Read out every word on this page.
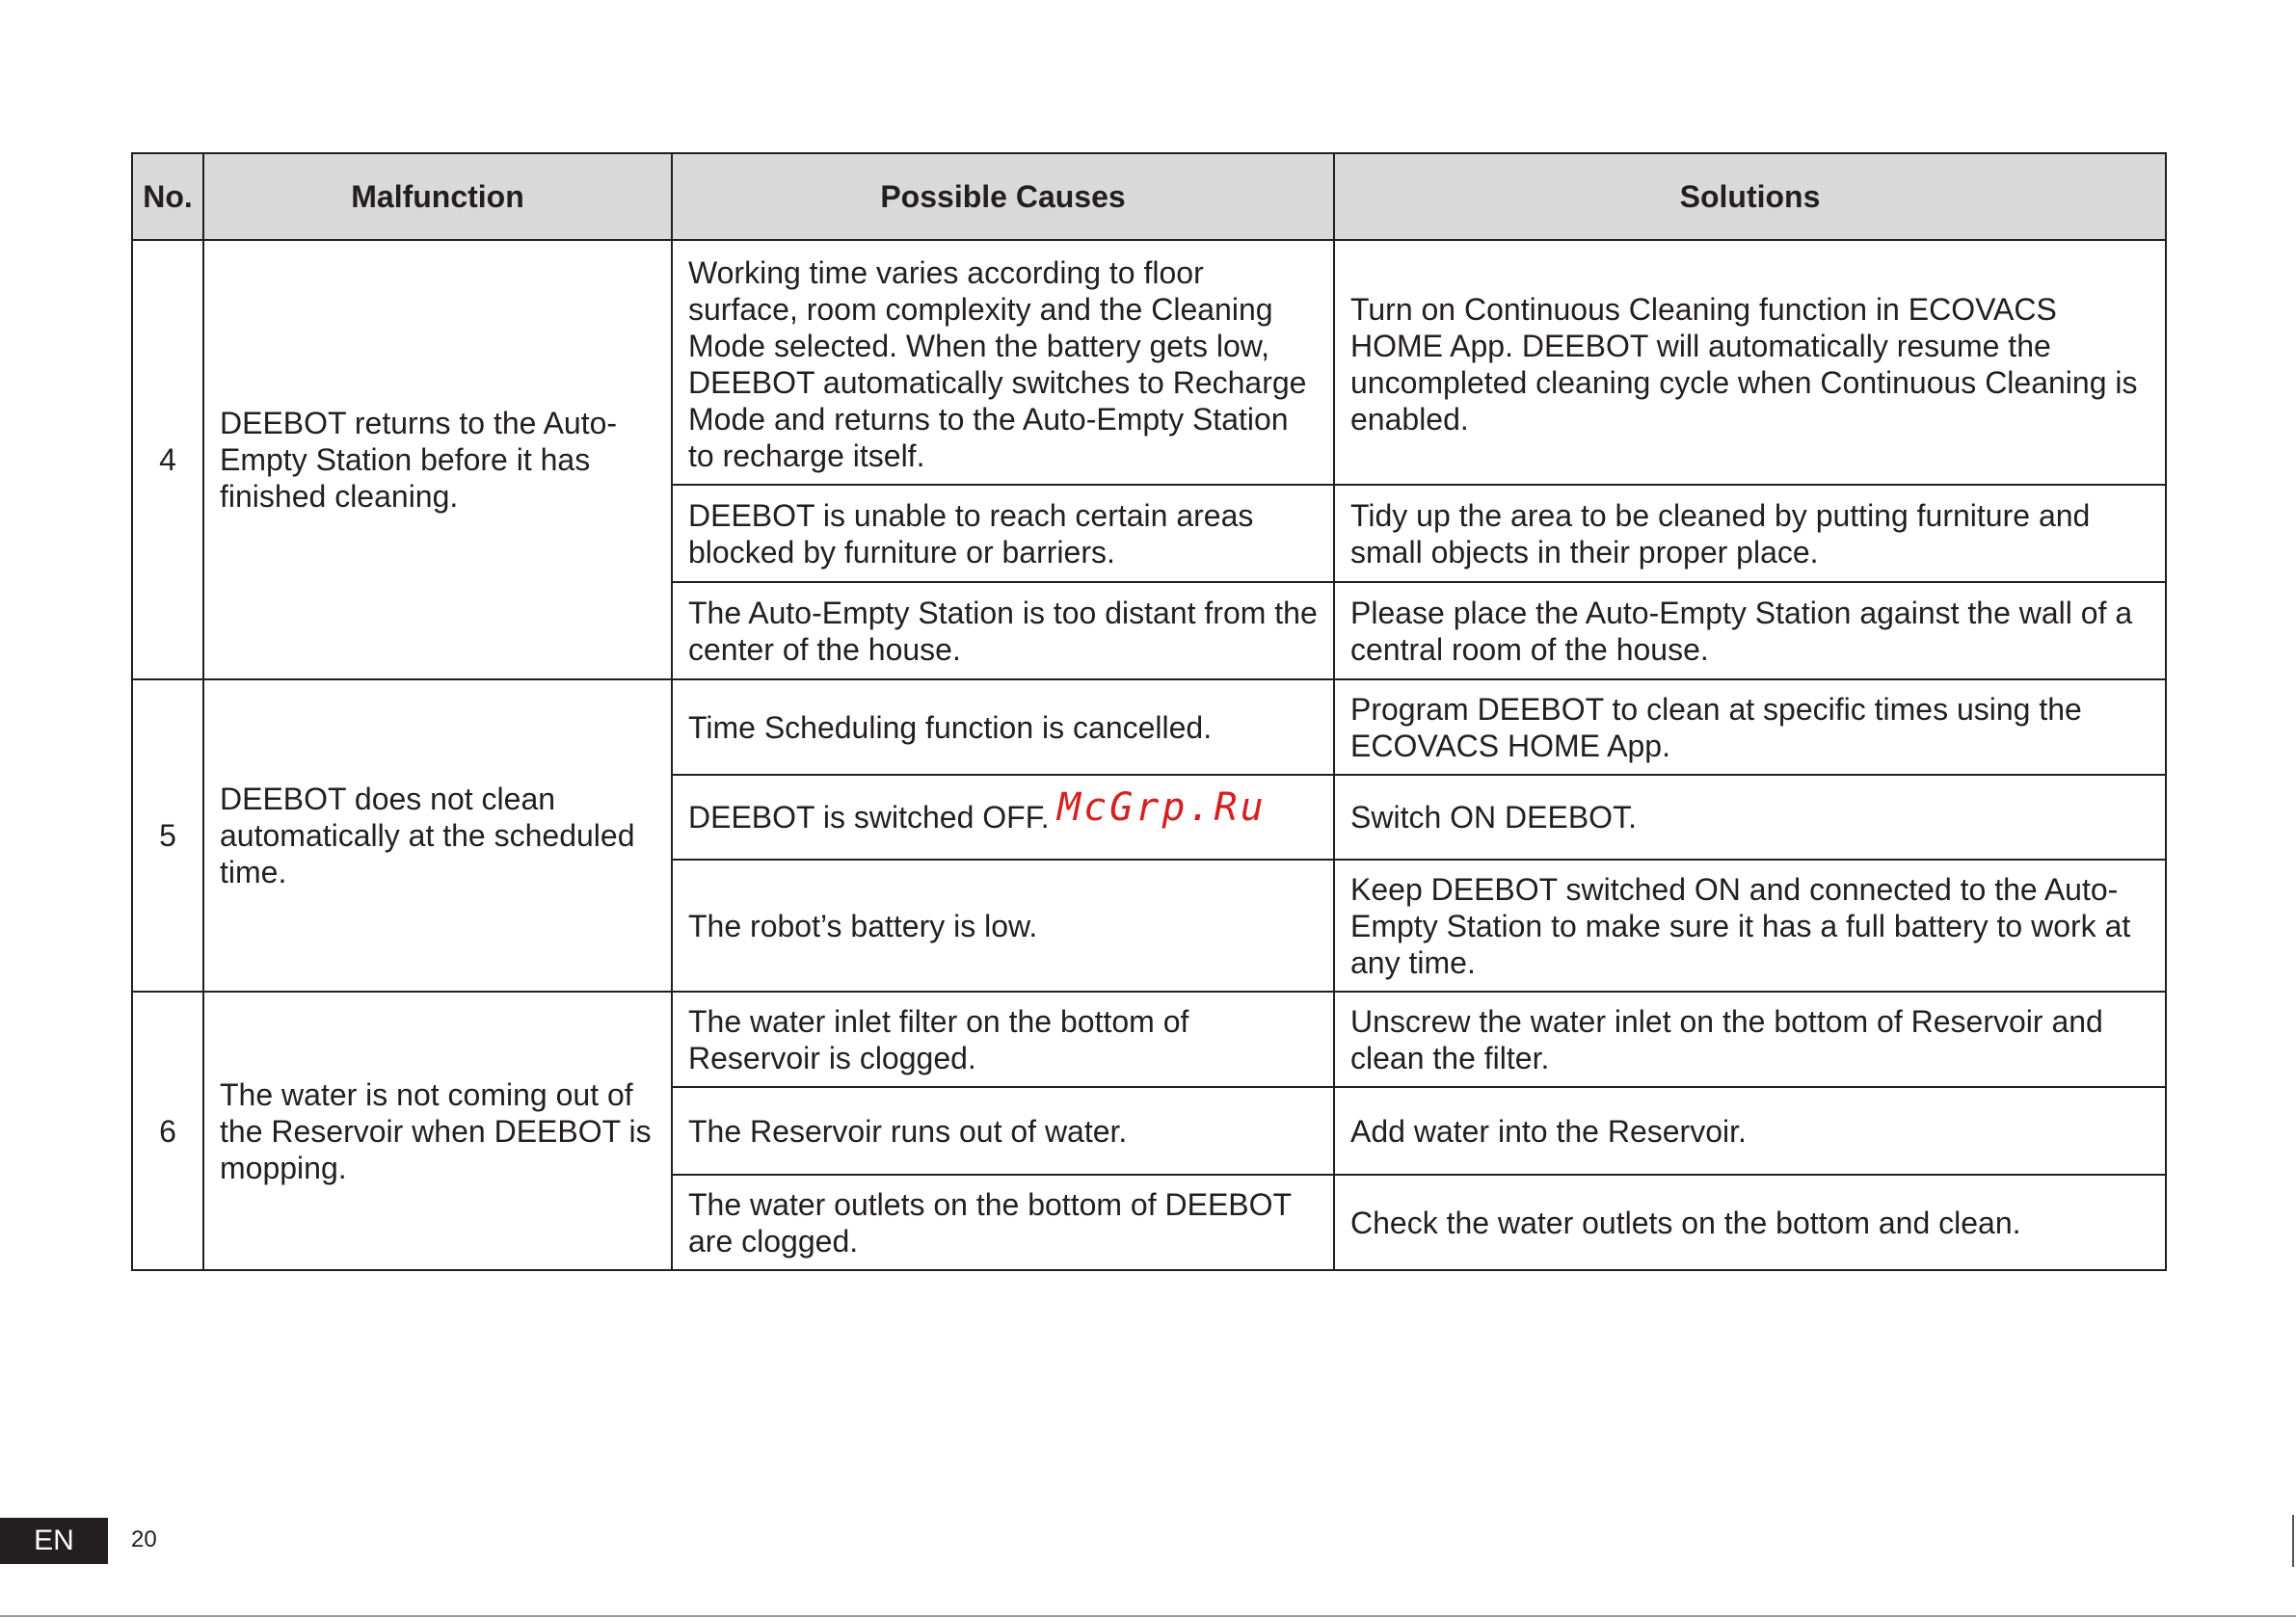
No.	Malfunction	Possible Causes	Solutions
4	DEEBOT returns to the Auto-Empty Station before it has finished cleaning.	Working time varies according to floor surface, room complexity and the Cleaning Mode selected. When the battery gets low, DEEBOT automatically switches to Recharge Mode and returns to the Auto-Empty Station to recharge itself.	Turn on Continuous Cleaning function in ECOVACS HOME App. DEEBOT will automatically resume the uncompleted cleaning cycle when Continuous Cleaning is enabled.
		DEEBOT is unable to reach certain areas blocked by furniture or barriers.	Tidy up the area to be cleaned by putting furniture and small objects in their proper place.
		The Auto-Empty Station is too distant from the center of the house.	Please place the Auto-Empty Station against the wall of a central room of the house.
5	DEEBOT does not clean automatically at the scheduled time.	Time Scheduling function is cancelled.	Program DEEBOT to clean at specific times using the ECOVACS HOME App.
		DEEBOT is switched OFF.	Switch ON DEEBOT.
		The robot’s battery is low.	Keep DEEBOT switched ON and connected to the Auto-Empty Station to make sure it has a full battery to work at any time.
6	The water is not coming out of the Reservoir when DEEBOT is mopping.	The water inlet filter on the bottom of Reservoir is clogged.	Unscrew the water inlet on the bottom of Reservoir and clean the filter.
		The Reservoir runs out of water.	Add water into the Reservoir.
		The water outlets on the bottom of DEEBOT are clogged.	Check the water outlets on the bottom and clean.
McGrp.Ru
EN	20
